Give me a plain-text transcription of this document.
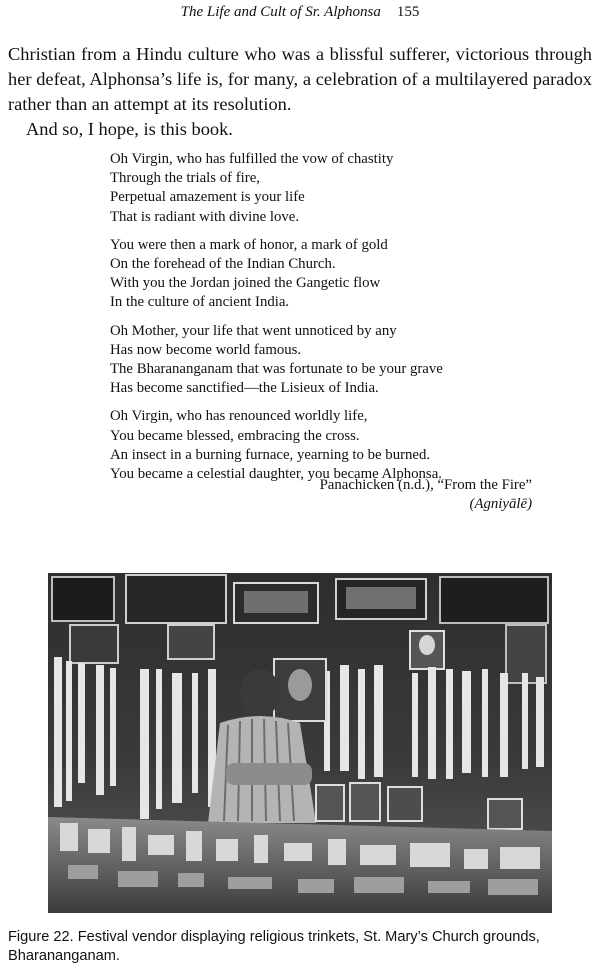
The Life and Cult of Sr. Alphonsa 155

Christian from a Hindu culture who was a blissful sufferer, victorious through her defeat, Alphonsa’s life is, for many, a celebration of a multilayered paradox rather than an attempt at its resolution.

And so, I hope, is this book.

Oh Virgin, who has fulfilled the vow of chastity
Through the trials of fire,
Perpetual amazement is your life
That is radiant with divine love.
You were then a mark of honor, a mark of gold
On the forehead of the Indian Church.
With you the Jordan joined the Gangetic flow
In the culture of ancient India.
Oh Mother, your life that went unnoticed by any
Has now become world famous.
The Bharananganam that was fortunate to be your grave
Has become sanctified—the Lisieux of India.
Oh Virgin, who has renounced worldly life,
You became blessed, embracing the cross.
An insect in a burning furnace, yearning to be burned.
You became a celestial daughter, you became Alphonsa.
Panachicken (n.d.), “From the Fire”
(Agniyālē)
Figure 22. Festival vendor displaying religious trinkets, St. Mary’s Church grounds, Bharananganam.
